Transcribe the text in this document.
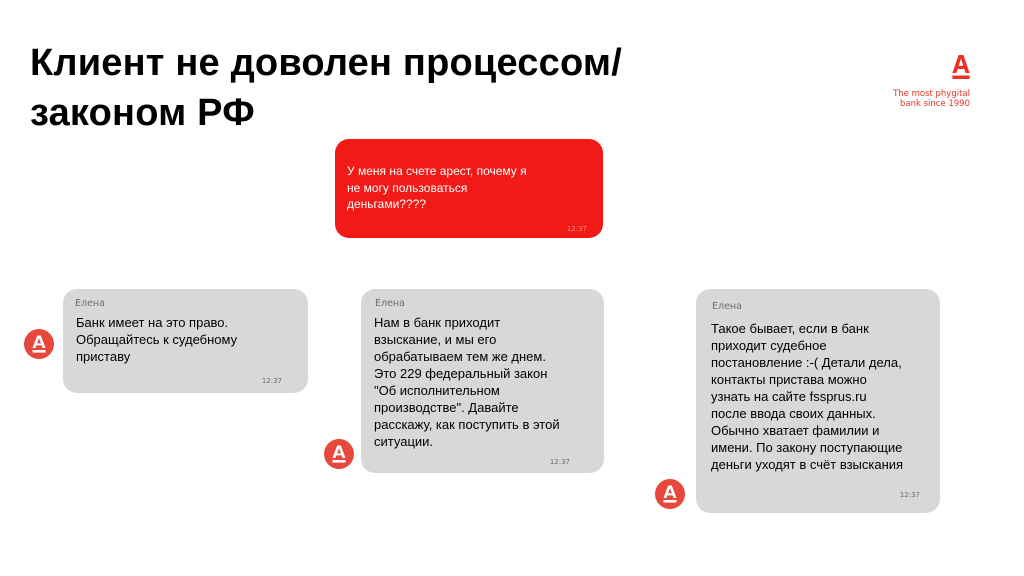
Клиент не доволен процессом/
законом РФ	The most phygital
bank since 1990
У меня на счете арест, почему я
не могу пользоваться
деньгами????
12:37
Елена
Банк имеет на это право.
Обращайтесь к судебному
приставу
12:37
Елена
Нам в банк приходит
взыскание, и мы его
обрабатываем тем же днем.
Это 229 федеральный закон
"Об исполнительном
производстве". Давайте
расскажу, как поступить в этой
ситуации.
12:37
Елена
Такое бывает, если в банк
приходит судебное
постановление :-( Детали дела,
контакты пристава можно
узнать на сайте fssprus.ru
после ввода своих данных.
Обычно хватает фамилии и
имени. По закону поступающие
деньги уходят в счёт взыскания
12:37
